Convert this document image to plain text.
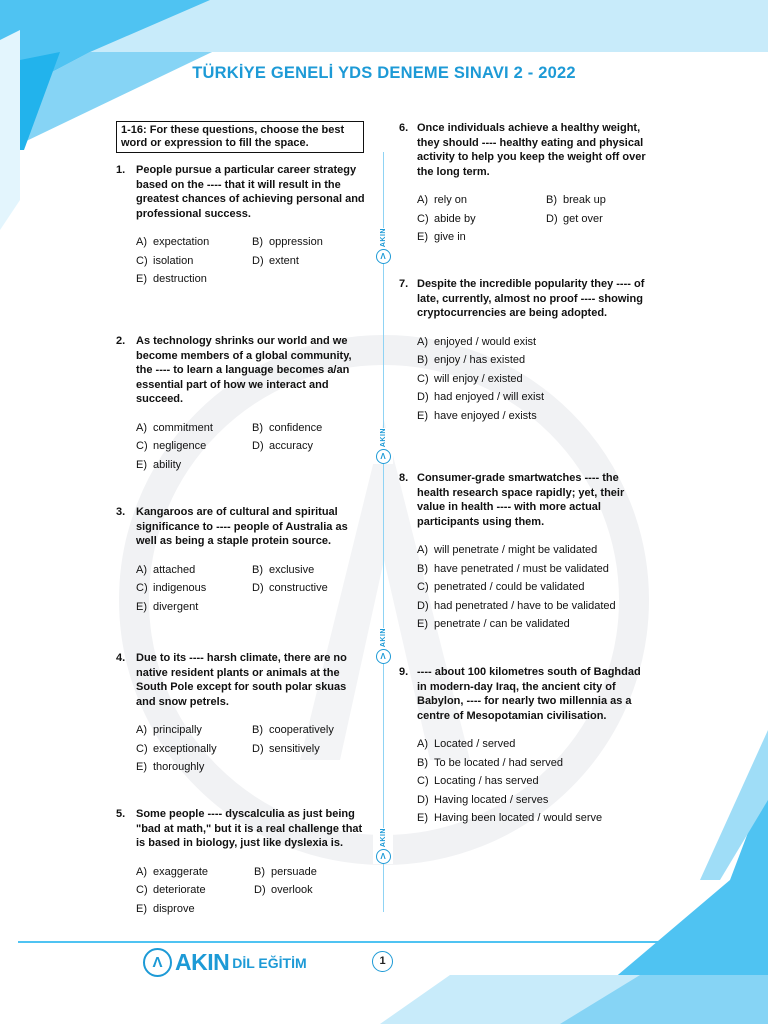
TÜRKİYE GENELİ YDS DENEME SINAVI 2 - 2022
AKIN
Λ
AKIN
Λ
AKIN
Λ
AKIN
Λ
1-16: For these questions, choose the best word or expression to fill the space.
1. People pursue a particular career strategy based on the ---- that it will result in the greatest chances of achieving personal and professional success.
A) expectation	B) oppression
C) isolation	D) extent
E) destruction
2. As technology shrinks our world and we become members of a global community, the ---- to learn a language becomes a/an essential part of how we interact and succeed.
A) commitment	B) confidence
C) negligence	D) accuracy
E) ability
3. Kangaroos are of cultural and spiritual significance to ---- people of Australia as well as being a staple protein source.
A) attached	B) exclusive
C) indigenous	D) constructive
E) divergent
4. Due to its ---- harsh climate, there are no native resident plants or animals at the South Pole except for south polar skuas and snow petrels.
A) principally	B) cooperatively
C) exceptionally	D) sensitively
E) thoroughly
5. Some people ---- dyscalculia as just being "bad at math," but it is a real challenge that is based in biology, just like dyslexia is.
A) exaggerate	B) persuade
C) deteriorate	D) overlook
E) disprove
6. Once individuals achieve a healthy weight, they should ---- healthy eating and physical activity to help you keep the weight off over the long term.
A) rely on	B) break up
C) abide by	D) get over
E) give in
7. Despite the incredible popularity they ---- of late, currently, almost no proof ---- showing cryptocurrencies are being adopted.
A) enjoyed / would exist
B) enjoy / has existed
C) will enjoy / existed
D) had enjoyed / will exist
E) have enjoyed / exists
8. Consumer-grade smartwatches ---- the health research space rapidly; yet, their value in health ---- with more actual participants using them.
A) will penetrate / might be validated
B) have penetrated / must be validated
C) penetrated / could be validated
D) had penetrated / have to be validated
E) penetrate / can be validated
9. ---- about 100 kilometres south of Baghdad in modern-day Iraq, the ancient city of Babylon, ---- for nearly two millennia as a centre of Mesopotamian civilisation.
A) Located / served
B) To be located / had served
C) Locating / has served
D) Having located / serves
E) Having been located / would serve
Λ AKIN DİL EĞİTİM	1
